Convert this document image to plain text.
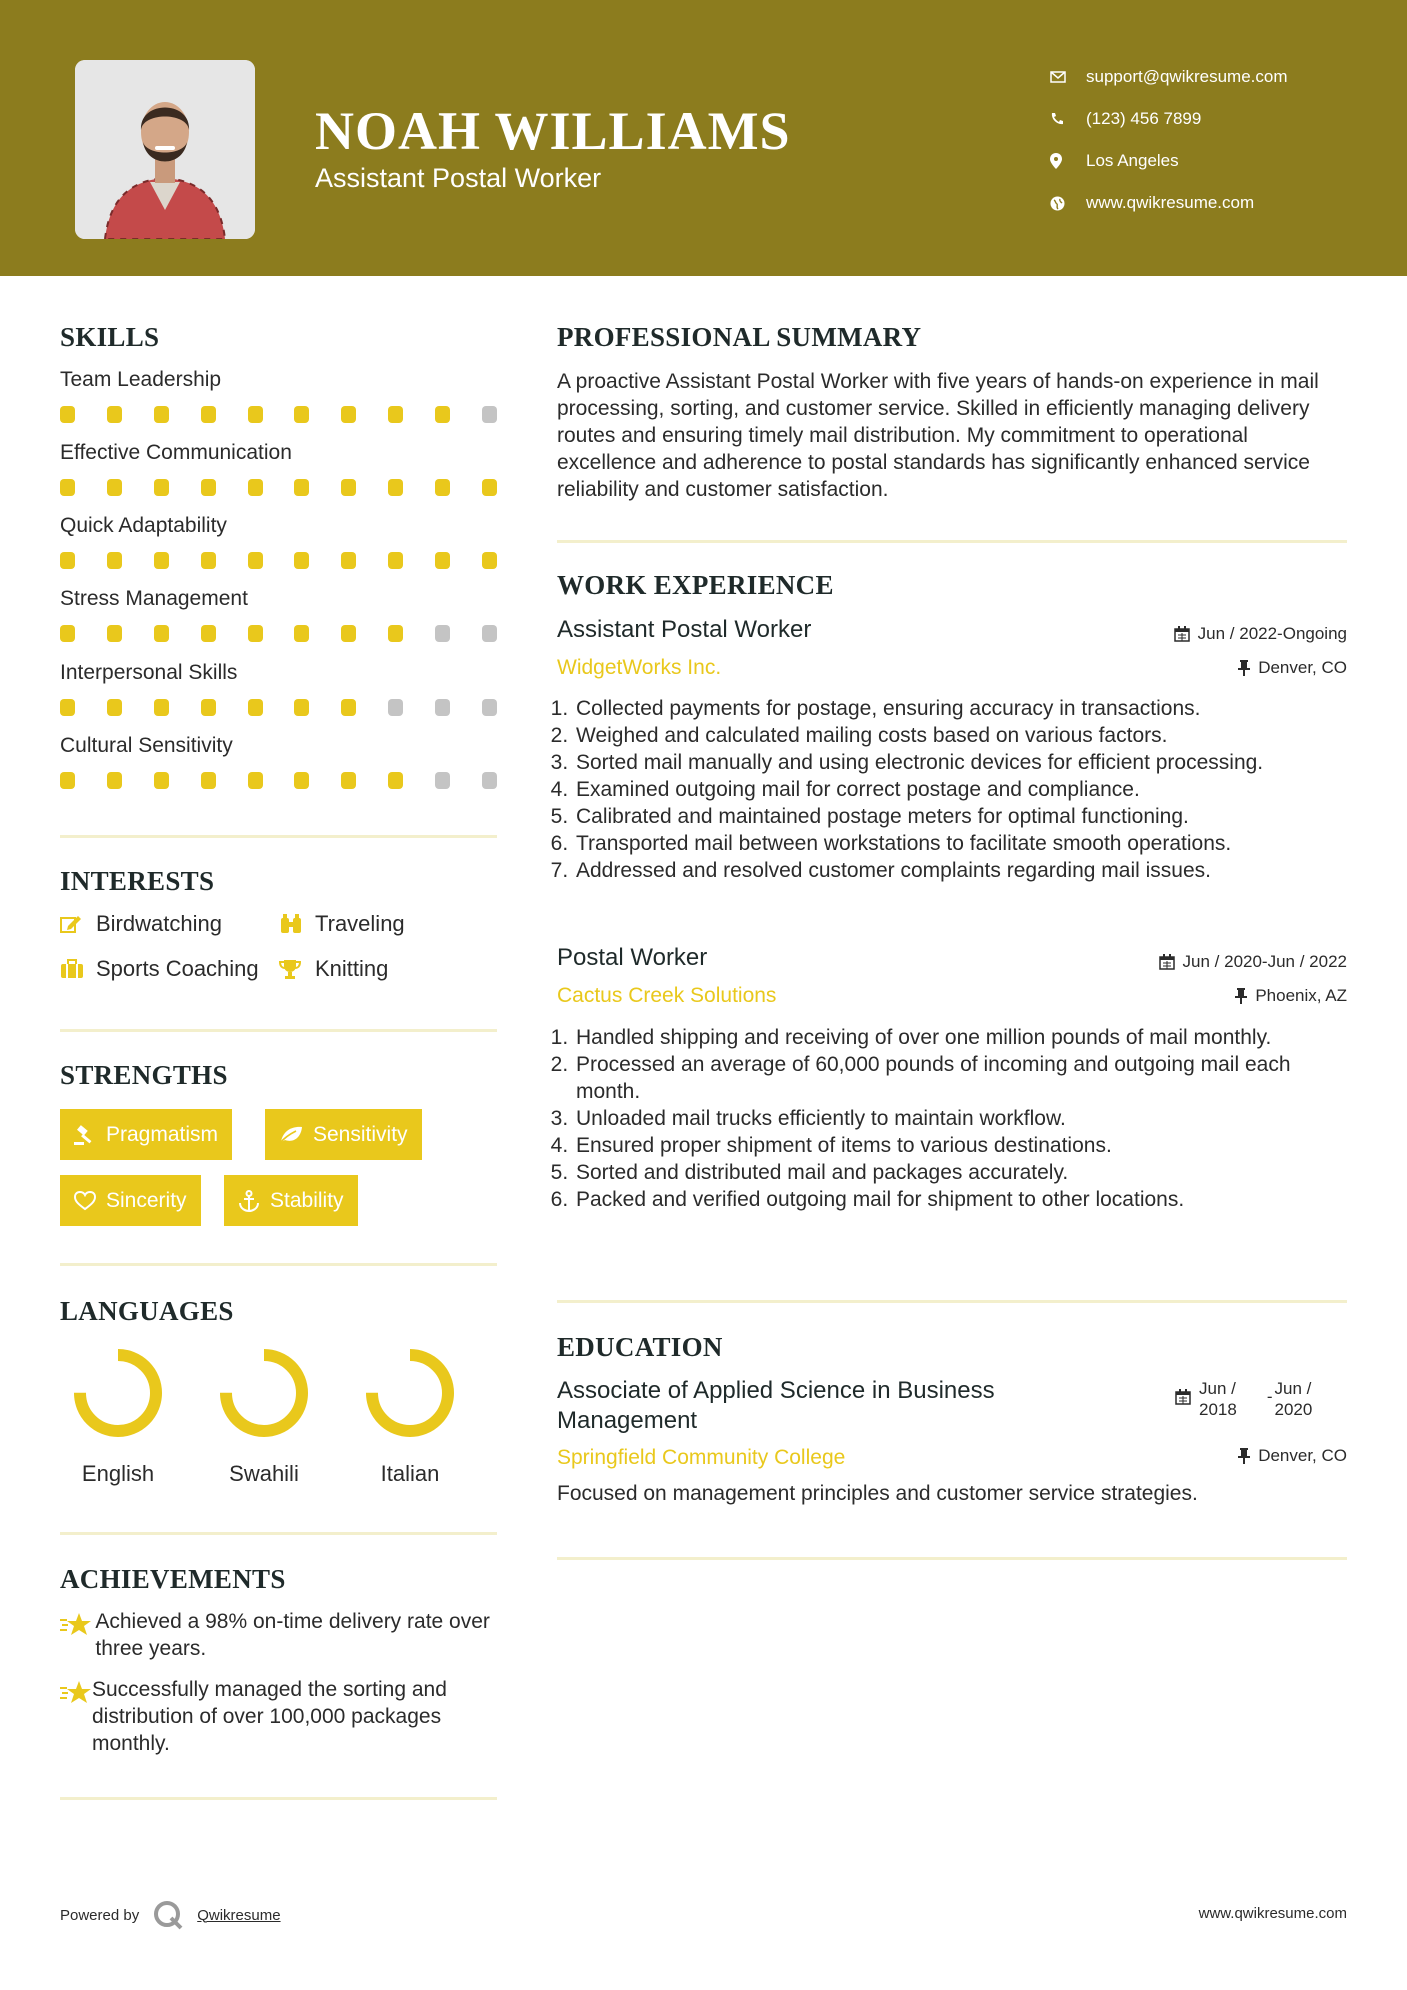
NOAH WILLIAMS
Assistant Postal Worker
support@qwikresume.com
(123) 456 7899
Los Angeles
www.qwikresume.com
SKILLS
Team Leadership
Effective Communication
Quick Adaptability
Stress Management
Interpersonal Skills
Cultural Sensitivity
INTERESTS
Birdwatching	Traveling
Sports Coaching	Knitting
STRENGTHS
Pragmatism	Sensitivity
Sincerity	Stability
LANGUAGES
English	Swahili	Italian
ACHIEVEMENTS
Achieved a 98% on-time delivery rate over three years.
Successfully managed the sorting and distribution of over 100,000 packages monthly.
PROFESSIONAL SUMMARY
A proactive Assistant Postal Worker with five years of hands-on experience in mail processing, sorting, and customer service. Skilled in efficiently managing delivery routes and ensuring timely mail distribution. My commitment to operational excellence and adherence to postal standards has significantly enhanced service reliability and customer satisfaction.
WORK EXPERIENCE
Assistant Postal Worker	Jun / 2022-Ongoing
WidgetWorks Inc.	Denver, CO
1. Collected payments for postage, ensuring accuracy in transactions.
2. Weighed and calculated mailing costs based on various factors.
3. Sorted mail manually and using electronic devices for efficient processing.
4. Examined outgoing mail for correct postage and compliance.
5. Calibrated and maintained postage meters for optimal functioning.
6. Transported mail between workstations to facilitate smooth operations.
7. Addressed and resolved customer complaints regarding mail issues.
Postal Worker	Jun / 2020-Jun / 2022
Cactus Creek Solutions	Phoenix, AZ
1. Handled shipping and receiving of over one million pounds of mail monthly.
2. Processed an average of 60,000 pounds of incoming and outgoing mail each month.
3. Unloaded mail trucks efficiently to maintain workflow.
4. Ensured proper shipment of items to various destinations.
5. Sorted and distributed mail and packages accurately.
6. Packed and verified outgoing mail for shipment to other locations.
EDUCATION
Associate of Applied Science in Business
Management
Jun /
2018
- Jun /
2020
Springfield Community College	Denver, CO
Focused on management principles and customer service strategies.
Powered by	Qwikresume	www.qwikresume.com
